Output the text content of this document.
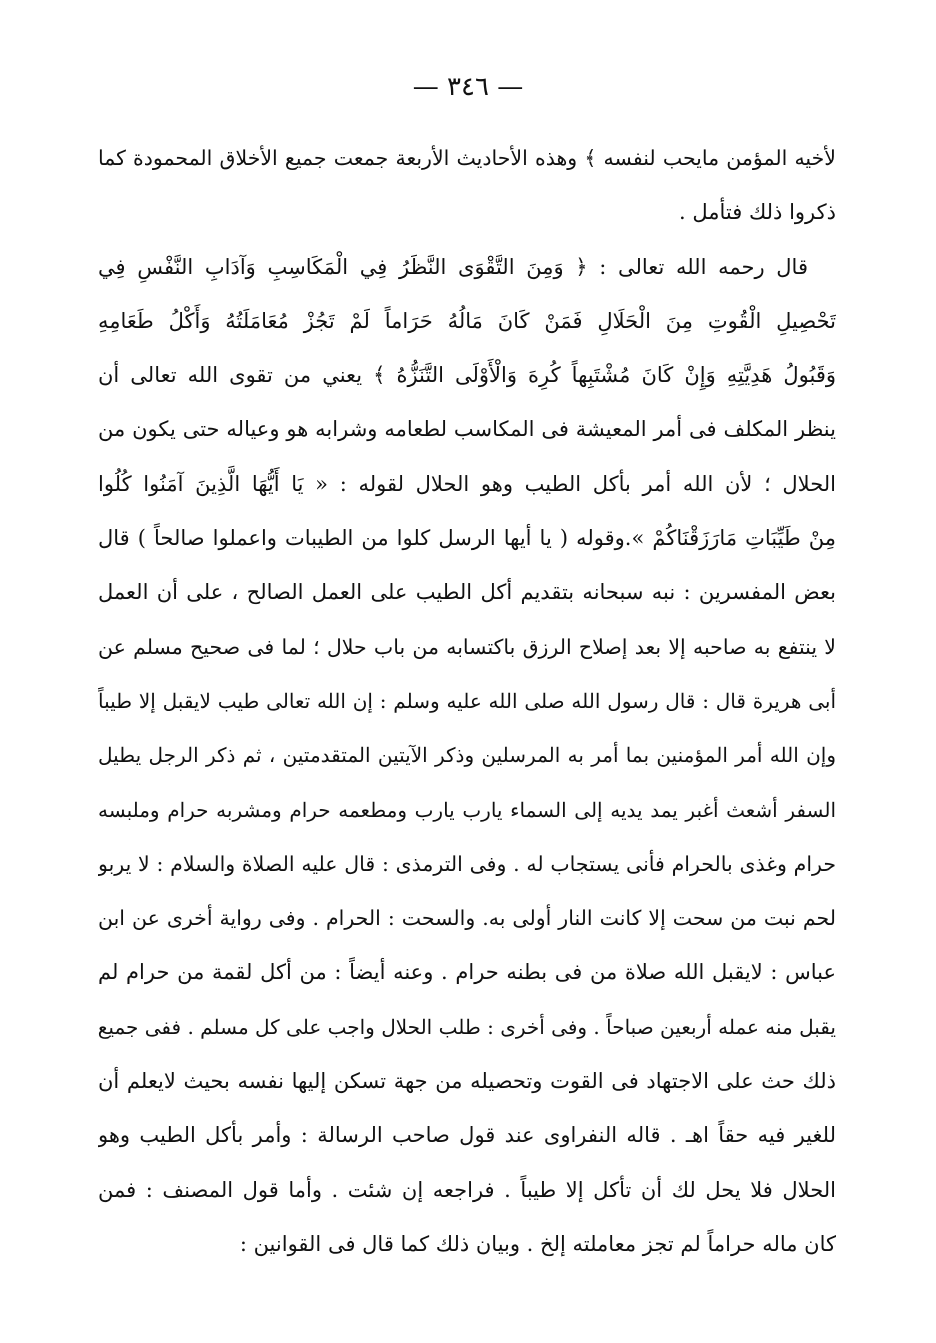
— ٣٤٦ —
لأخيه المؤمن مايحب لنفسه ﴾ وهذه الأحاديث الأربعة جمعت جميع الأخلاق المحمودة كما
ذكروا ذلك فتأمل .
قال رحمه الله تعالى : ﴿ وَمِنَ التَّقْوَى النَّظَرُ فِي الْمَكَاسِبِ وَآدَابِ النَّفْسِ فِي
تَحْصِيلِ الْقُوتِ مِنَ الْحَلَالِ فَمَنْ كَانَ مَالُهُ حَرَاماً لَمْ تَجُزْ مُعَامَلَتُهُ وَأَكْلُ طَعَامِهِ
وَقَبُولُ هَدِيَّتِهِ وَإِنْ كَانَ مُشْتَبِهاً كُرِهَ وَالْأَوْلَى التَّنَزُّهُ ﴾ يعني من تقوى الله تعالى أن
ينظر المكلف فى أمر المعيشة فى المكاسب لطعامه وشرابه هو وعياله حتى يكون من
الحلال ؛ لأن الله أمر بأكل الطيب وهو الحلال لقوله : « يَا أَيُّهَا الَّذِينَ آمَنُوا كُلُوا
مِنْ طَيِّبَاتِ مَارَزَقْنَاكُمْ ».وقوله ( يا أيها الرسل كلوا من الطيبات واعملوا صالحاً ) قال
بعض المفسرين : نبه سبحانه بتقديم أكل الطيب على العمل الصالح ، على أن العمل
لا ينتفع به صاحبه إلا بعد إصلاح الرزق باكتسابه من باب حلال ؛ لما فى صحيح مسلم عن
أبى هريرة قال : قال رسول الله صلى الله عليه وسلم : إن الله تعالى طيب لايقبل إلا طيباً
وإن الله أمر المؤمنين بما أمر به المرسلين وذكر الآيتين المتقدمتين ، ثم ذكر الرجل يطيل
السفر أشعث أغبر يمد يديه إلى السماء يارب يارب ومطعمه حرام ومشربه حرام وملبسه
حرام وغذى بالحرام فأنى يستجاب له . وفى الترمذى : قال عليه الصلاة والسلام : لا يربو
لحم نبت من سحت إلا كانت النار أولى به. والسحت : الحرام . وفى رواية أخرى عن ابن
عباس : لايقبل الله صلاة من فى بطنه حرام . وعنه أيضاً : من أكل لقمة من حرام لم
يقبل منه عمله أربعين صباحاً . وفى أخرى : طلب الحلال واجب على كل مسلم . ففى جميع
ذلك حث على الاجتهاد فى القوت وتحصيله من جهة تسكن إليها نفسه بحيث لايعلم أن
للغير فيه حقاً اهـ . قاله النفراوى عند قول صاحب الرسالة : وأمر بأكل الطيب وهو
الحلال فلا يحل لك أن تأكل إلا طيباً . فراجعه إن شئت . وأما قول المصنف : فمن
كان ماله حراماً لم تجز معاملته إلخ . وبيان ذلك كما قال فى القوانين :
